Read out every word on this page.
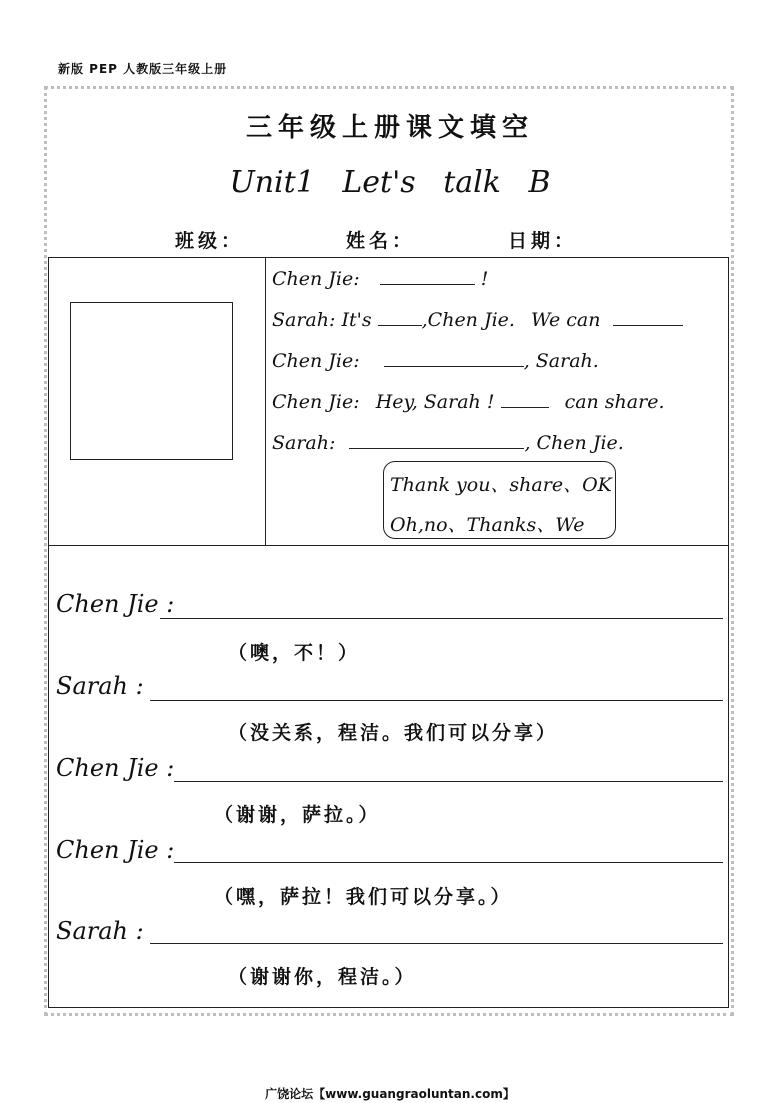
新版 PEP 人教版三年级上册
三年级上册课文填空
Unit1 Let's talk B
班级：	姓名：	日期：
Chen Jie:	!
Sarah: It's	,Chen Jie. We can
Chen Jie:	, Sarah.
Chen Jie: Hey, Sarah !	can share.
Sarah:	, Chen Jie.
Thank you、share、OK
Oh,no、Thanks、We
Chen Jie :
（噢，不！）
Sarah :
（没关系，程洁。我们可以分享）
Chen Jie :
（谢谢，萨拉。）
Chen Jie :
（嘿，萨拉！我们可以分享。）
Sarah :
（谢谢你，程洁。）
广饶论坛【www.guangraoluntan.com】
